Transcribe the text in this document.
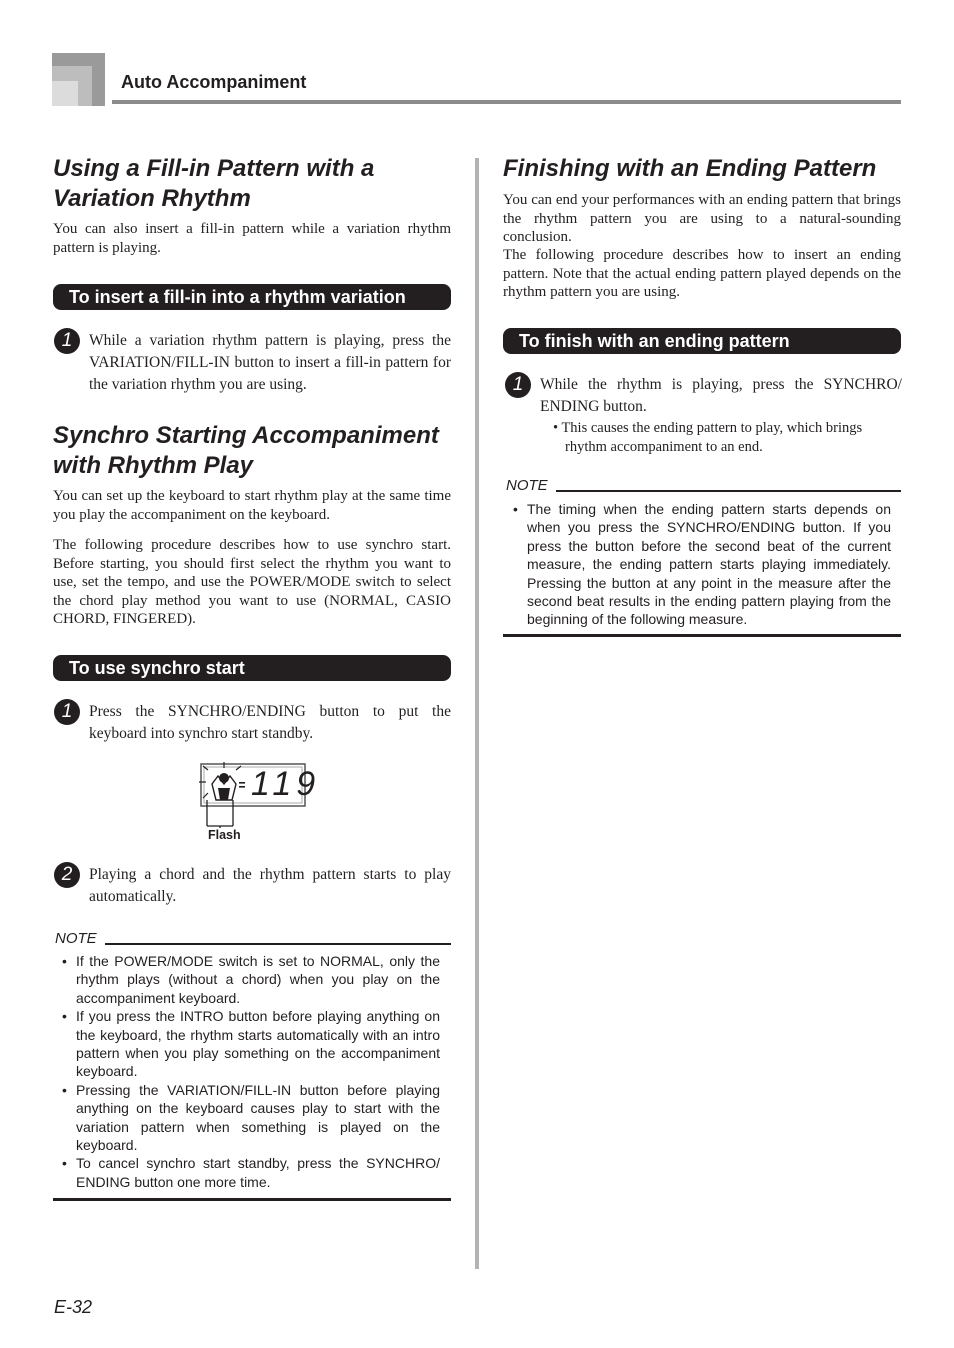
Auto Accompaniment
Using a Fill-in Pattern with a Variation Rhythm

You can also insert a fill-in pattern while a variation rhythm pattern is playing.

To insert a fill-in into a rhythm variation
1	While a variation rhythm pattern is playing, press the VARIATION/FILL-IN button to insert a fill-in pattern for the variation rhythm you are using.

Synchro Starting Accompaniment with Rhythm Play

You can set up the keyboard to start rhythm play at the same time you play the accompaniment on the keyboard.

The following procedure describes how to use synchro start. Before starting, you should first select the rhythm you want to use, set the tempo, and use the POWER/MODE switch to select the chord play method you want to use (NORMAL, CASIO CHORD, FINGERED).

To use synchro start
1	Press the SYNCHRO/ENDING button to put the keyboard into synchro start standby.

119
Flash
2	Playing a chord and the rhythm pattern starts to play automatically.

NOTE
• If the POWER/MODE switch is set to NORMAL, only the rhythm plays (without a chord) when you play on the accompaniment keyboard.
• If you press the INTRO button before playing anything on the keyboard, the rhythm starts automatically with an intro pattern when you play something on the accompaniment keyboard.
• Pressing the VARIATION/FILL-IN button before playing anything on the keyboard causes play to start with the variation pattern when something is played on the keyboard.
• To cancel synchro start standby, press the SYNCHRO/ ENDING button one more time.
Finishing with an Ending Pattern

You can end your performances with an ending pattern that brings the rhythm pattern you are using to a natural-sounding conclusion.

The following procedure describes how to insert an ending pattern. Note that the actual ending pattern played depends on the rhythm pattern you are using.

To finish with an ending pattern
1	While the rhythm is playing, press the SYNCHRO/ ENDING button.

• This causes the ending pattern to play, which brings rhythm accompaniment to an end.

NOTE
• The timing when the ending pattern starts depends on when you press the SYNCHRO/ENDING button. If you press the button before the second beat of the current measure, the ending pattern starts playing immediately. Pressing the button at any point in the measure after the second beat results in the ending pattern playing from the beginning of the following measure.
E-32
